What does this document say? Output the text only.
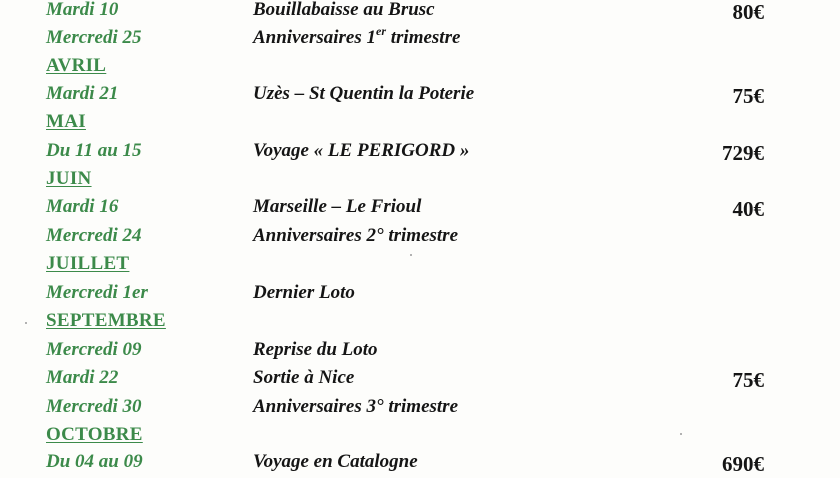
Mardi 10	Bouillabaisse au Brusc	80€
Mercredi 25	Anniversaires 1er trimestre
AVRIL
Mardi 21	Uzès – St Quentin la Poterie	75€
MAI
Du 11 au 15	Voyage « LE PERIGORD »	729€
JUIN
Mardi 16	Marseille – Le Frioul	40€
Mercredi 24	Anniversaires 2° trimestre
JUILLET
Mercredi 1er	Dernier Loto
SEPTEMBRE
Mercredi 09	Reprise du Loto
Mardi 22	Sortie à Nice	75€
Mercredi 30	Anniversaires 3° trimestre
OCTOBRE
Du 04 au 09	Voyage en Catalogne	690€
